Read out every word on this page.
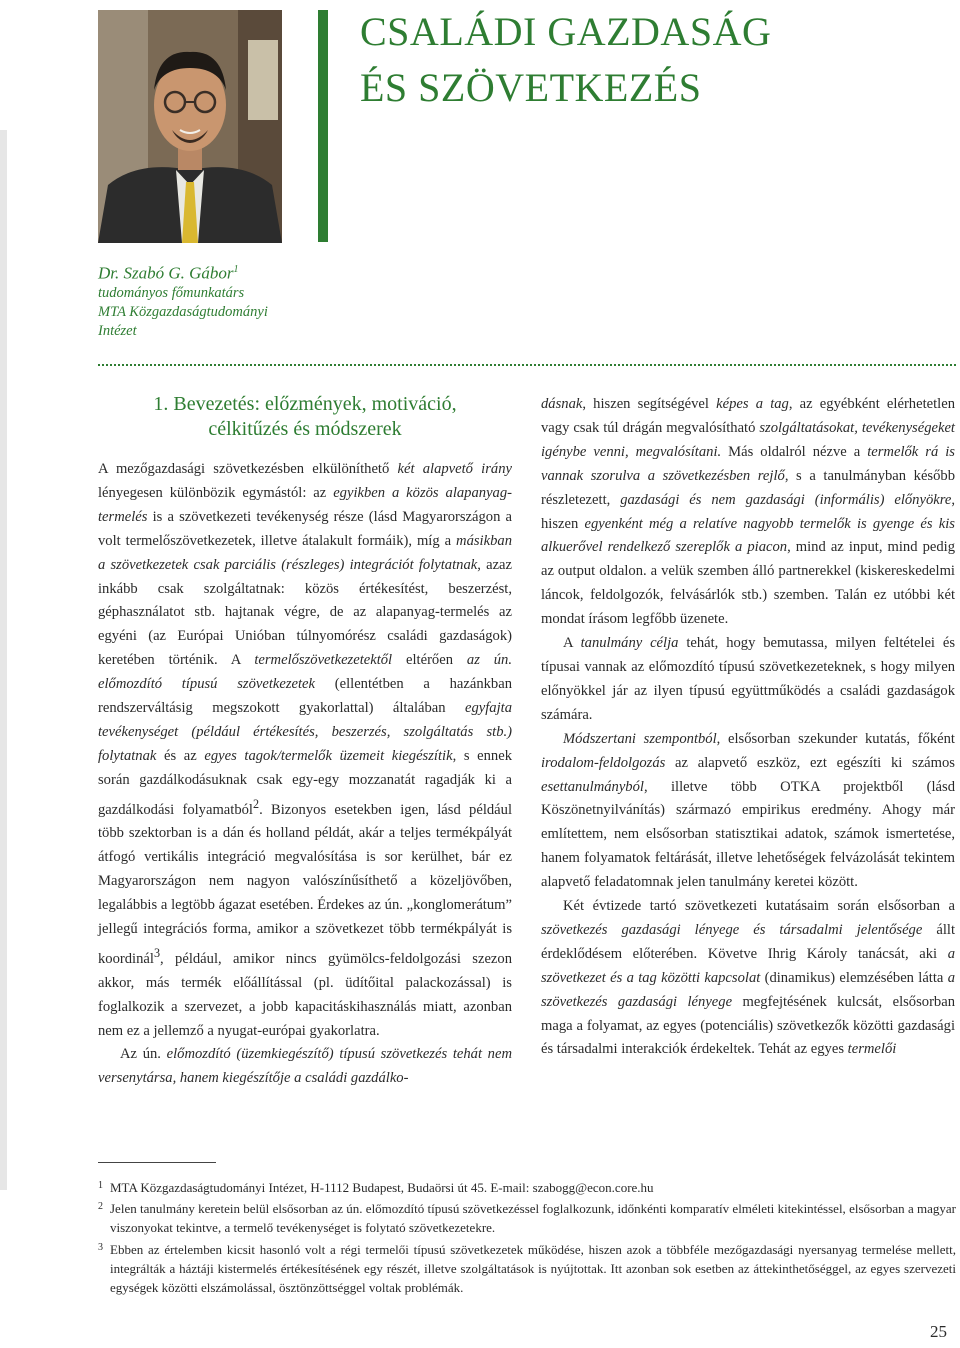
CSALÁDI GAZDASÁG
ÉS SZÖVETKEZÉS
Dr. Szabó G. Gábor$^1$
tudományos főmunkatárs
MTA Közgazdaságtudományi
Intézet
1. Bevezetés: előzmények, motiváció,
célkitűzés és módszerek

A mezőgazdasági szövetkezésben elkülöníthető két alapvető irány lényegesen különbözik egymástól: az egyikben a közös alapanyag-termelés is a szövetkezeti tevékenység része (lásd Magyarországon a volt termelőszövetkezetek, illetve átalakult formáik), míg a másikban a szövetkezetek csak parciális (részleges) integrációt folytatnak, azaz inkább csak szolgáltatnak: közös értékesítést, beszerzést, géphasználatot stb. hajtanak végre, de az alapanyag-termelés az egyéni (az Európai Unióban túlnyomórész családi gazdaságok) keretében történik. A termelőszövetkezetektől eltérően az ún. előmozdító típusú szövetkezetek (ellentétben a hazánkban rendszerváltásig megszokott gyakorlattal) általában egyfajta tevékenységet (például értékesítés, beszerzés, szolgáltatás stb.) folytatnak és az egyes tagok/termelők üzemeit kiegészítik, s ennek során gazdálkodásuknak csak egy-egy mozzanatát ragadják ki a gazdálkodási folyamatból$^2$. Bizonyos esetekben igen, lásd például több szektorban is a dán és holland példát, akár a teljes termékpályát átfogó vertikális integráció megvalósítása is sor kerülhet, bár ez Magyarországon nem nagyon valószínűsíthető a közeljövőben, legalábbis a legtöbb ágazat esetében. Érdekes az ún. „konglomerátum” jellegű integrációs forma, amikor a szövetkezet több termékpályát is koordinál$^3$, például, amikor nincs gyümölcs-feldolgozási szezon akkor, más termék előállítással (pl. üdítőital palackozással) is foglalkozik a szervezet, a jobb kapacitáskihasználás miatt, azonban nem ez a jellemző a nyugat-európai gyakorlatra.

Az ún. előmozdító (üzemkiegészítő) típusú szövetkezés tehát nem versenytársa, hanem kiegészítője a családi gazdálko-

dásnak, hiszen segítségével képes a tag, az egyébként elérhetetlen vagy csak túl drágán megvalósítható szolgáltatásokat, tevékenységeket igénybe venni, megvalósítani. Más oldalról nézve a termelők rá is vannak szorulva a szövetkezésben rejlő, s a tanulmányban később részletezett, gazdasági és nem gazdasági (informális) előnyökre, hiszen egyenként még a relatíve nagyobb termelők is gyenge és kis alkuerővel rendelkező szereplők a piacon, mind az input, mind pedig az output oldalon. a velük szemben álló partnerekkel (kiskereskedelmi láncok, feldolgozók, felvásárlók stb.) szemben. Talán ez utóbbi két mondat írásom legfőbb üzenete.

A tanulmány célja tehát, hogy bemutassa, milyen feltételei és típusai vannak az előmozdító típusú szövetkezeteknek, s hogy milyen előnyökkel jár az ilyen típusú együttműködés a családi gazdaságok számára.

Módszertani szempontból, elsősorban szekunder kutatás, főként irodalom-feldolgozás az alapvető eszköz, ezt egészíti ki számos esettanulmányból, illetve több OTKA projektből (lásd Köszönetnyilvánítás) származó empirikus eredmény. Ahogy már említettem, nem elsősorban statisztikai adatok, számok ismertetése, hanem folyamatok feltárását, illetve lehetőségek felvázolását tekintem alapvető feladatomnak jelen tanulmány keretei között.

Két évtizede tartó szövetkezeti kutatásaim során elsősorban a szövetkezés gazdasági lényege és társadalmi jelentősége állt érdeklődésem előterében. Követve Ihrig Károly tanácsát, aki a szövetkezet és a tag közötti kapcsolat (dinamikus) elemzésében látta a szövetkezés gazdasági lényege megfejtésének kulcsát, elsősorban maga a folyamat, az egyes (potenciális) szövetkezők közötti gazdasági és társadalmi interakciók érdekeltek. Tehát az egyes termelői

1 MTA Közgazdaságtudományi Intézet, H-1112 Budapest, Budaörsi út 45. E-mail: szabogg@econ.core.hu
2 Jelen tanulmány keretein belül elsősorban az ún. előmozdító típusú szövetkezéssel foglalkozunk, időnkénti komparatív elméleti kitekintéssel, elsősorban a magyar viszonyokat tekintve, a termelő tevékenységet is folytató szövetkezetekre.
3 Ebben az értelemben kicsit hasonló volt a régi termelői típusú szövetkezetek működése, hiszen azok a többféle mezőgazdasági nyersanyag termelése mellett, integrálták a háztáji kistermelés értékesítésének egy részét, illetve szolgáltatások is nyújtottak. Itt azonban sok esetben az áttekinthetőséggel, az egyes szervezeti egységek közötti elszámolással, ösztönzöttséggel voltak problémák.
25
